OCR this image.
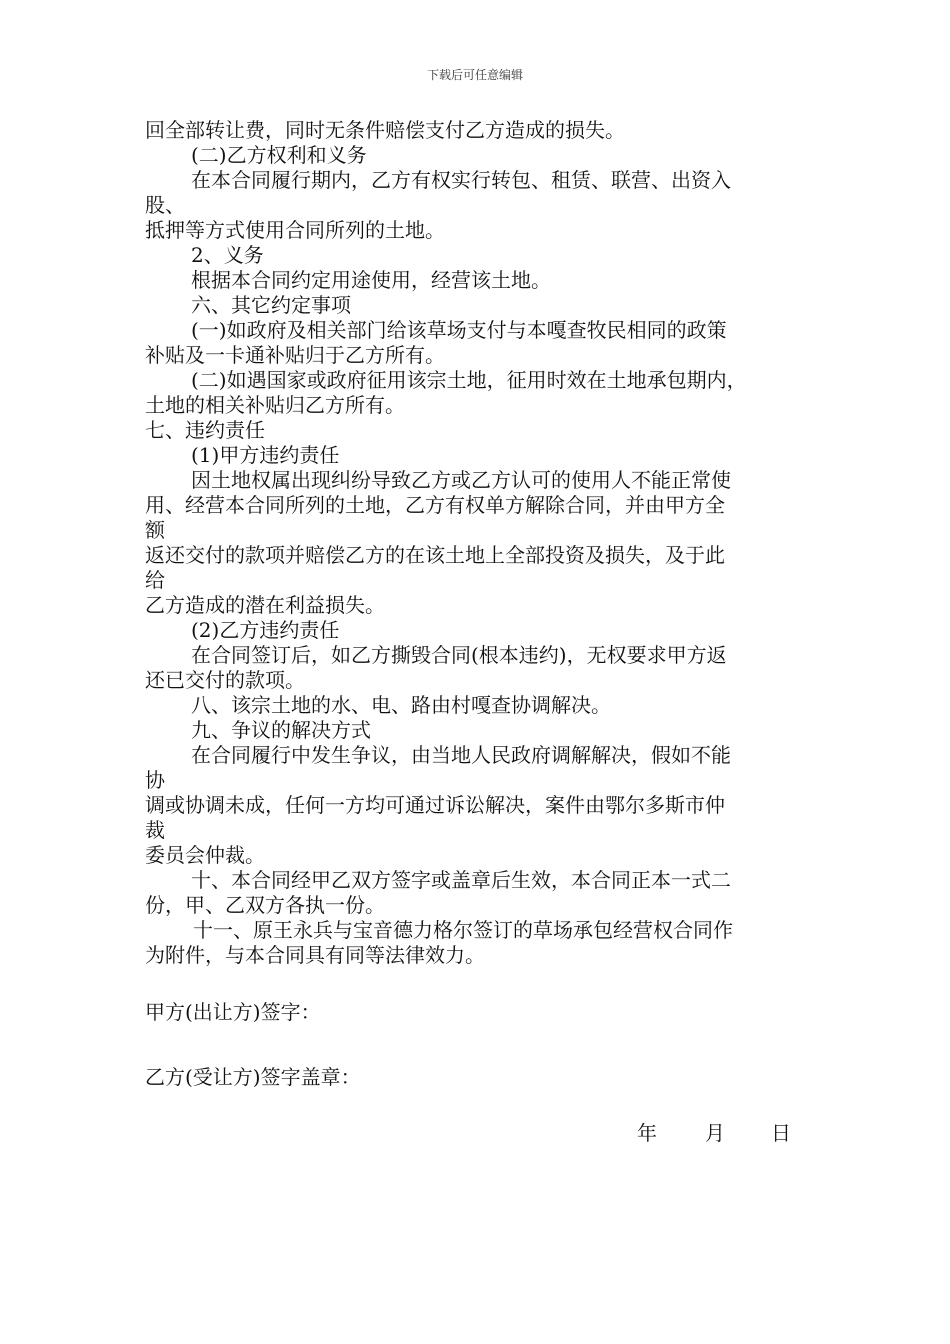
下载后可任意编辑
回全部转让费，同时无条件赔偿支付乙方造成的损失。
(二)乙方权利和义务
在本合同履行期内，乙方有权实行转包、租赁、联营、出资入
股、
抵押等方式使用合同所列的土地。
2、义务
根据本合同约定用途使用，经营该土地。
六、其它约定事项
(一)如政府及相关部门给该草场支付与本嘎查牧民相同的政策
补贴及一卡通补贴归于乙方所有。
(二)如遇国家或政府征用该宗土地，征用时效在土地承包期内，
土地的相关补贴归乙方所有。
七、违约责任
(1)甲方违约责任
因土地权属出现纠纷导致乙方或乙方认可的使用人不能正常使
用、经营本合同所列的土地，乙方有权单方解除合同，并由甲方全
额
返还交付的款项并赔偿乙方的在该土地上全部投资及损失，及于此
给
乙方造成的潜在利益损失。
(2)乙方违约责任
在合同签订后，如乙方撕毁合同(根本违约)，无权要求甲方返
还已交付的款项。
八、该宗土地的水、电、路由村嘎查协调解决。
九、争议的解决方式
在合同履行中发生争议，由当地人民政府调解解决，假如不能
协
调或协调未成，任何一方均可通过诉讼解决，案件由鄂尔多斯市仲
裁
委员会仲裁。
十、本合同经甲乙双方签字或盖章后生效，本合同正本一式二
份，甲、乙双方各执一份。
十一、原王永兵与宝音德力格尔签订的草场承包经营权合同作
为附件，与本合同具有同等法律效力。
甲方(出让方)签字：
乙方(受让方)签字盖章：
年 月 日
